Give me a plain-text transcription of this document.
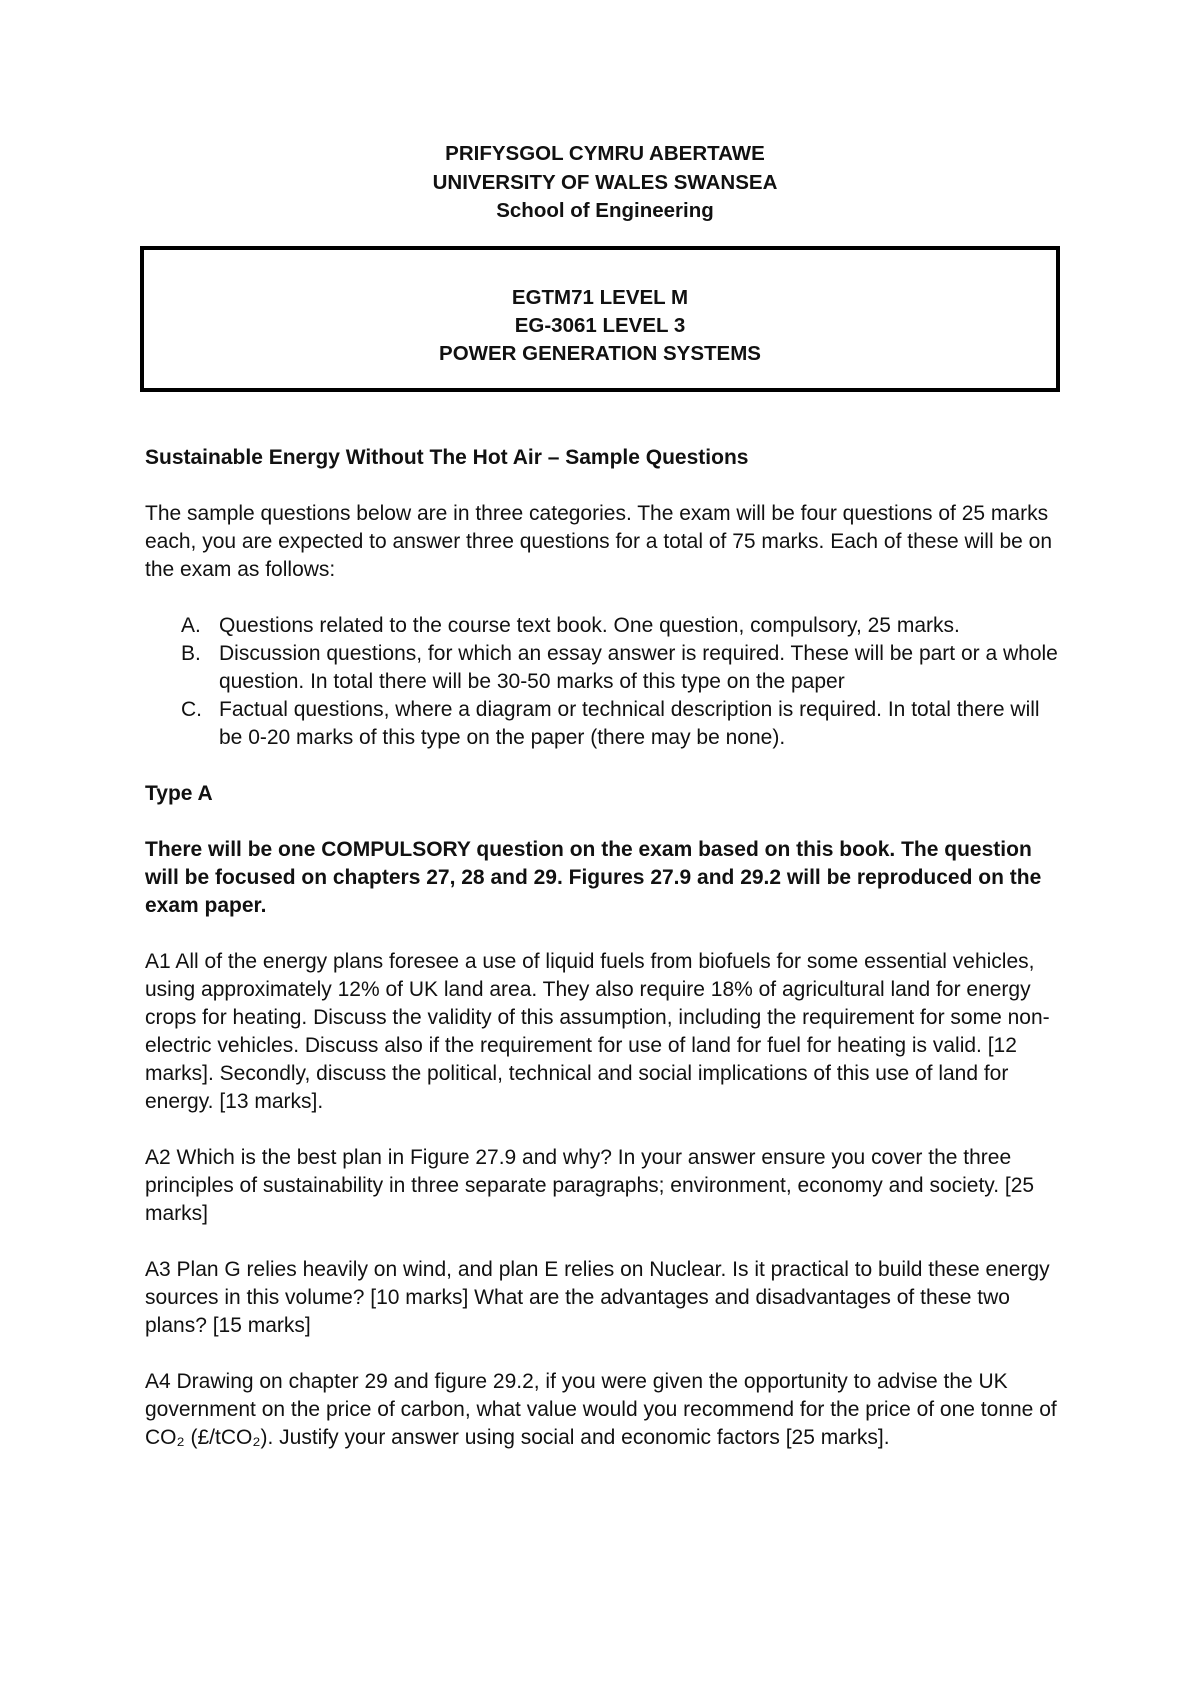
PRIFYSGOL CYMRU ABERTAWE
UNIVERSITY OF WALES SWANSEA
School of Engineering
EGTM71 LEVEL M
EG-3061 LEVEL 3
POWER GENERATION SYSTEMS
Sustainable Energy Without The Hot Air – Sample Questions

The sample questions below are in three categories. The exam will be four questions of 25 marks each, you are expected to answer three questions for a total of 75 marks. Each of these will be on the exam as follows:

A. Questions related to the course text book. One question, compulsory, 25 marks.
B. Discussion questions, for which an essay answer is required. These will be part or a whole question. In total there will be 30-50 marks of this type on the paper
C. Factual questions, where a diagram or technical description is required. In total there will be 0-20 marks of this type on the paper (there may be none).

Type A

There will be one COMPULSORY question on the exam based on this book. The question will be focused on chapters 27, 28 and 29. Figures 27.9 and 29.2 will be reproduced on the exam paper.

A1 All of the energy plans foresee a use of liquid fuels from biofuels for some essential vehicles, using approximately 12% of UK land area. They also require 18% of agricultural land for energy crops for heating. Discuss the validity of this assumption, including the requirement for some non-electric vehicles. Discuss also if the requirement for use of land for fuel for heating is valid. [12 marks]. Secondly, discuss the political, technical and social implications of this use of land for energy. [13 marks].

A2 Which is the best plan in Figure 27.9 and why? In your answer ensure you cover the three principles of sustainability in three separate paragraphs; environment, economy and society. [25 marks]

A3 Plan G relies heavily on wind, and plan E relies on Nuclear. Is it practical to build these energy sources in this volume? [10 marks] What are the advantages and disadvantages of these two plans? [15 marks]

A4 Drawing on chapter 29 and figure 29.2, if you were given the opportunity to advise the UK government on the price of carbon, what value would you recommend for the price of one tonne of CO₂ (£/tCO₂). Justify your answer using social and economic factors [25 marks].
